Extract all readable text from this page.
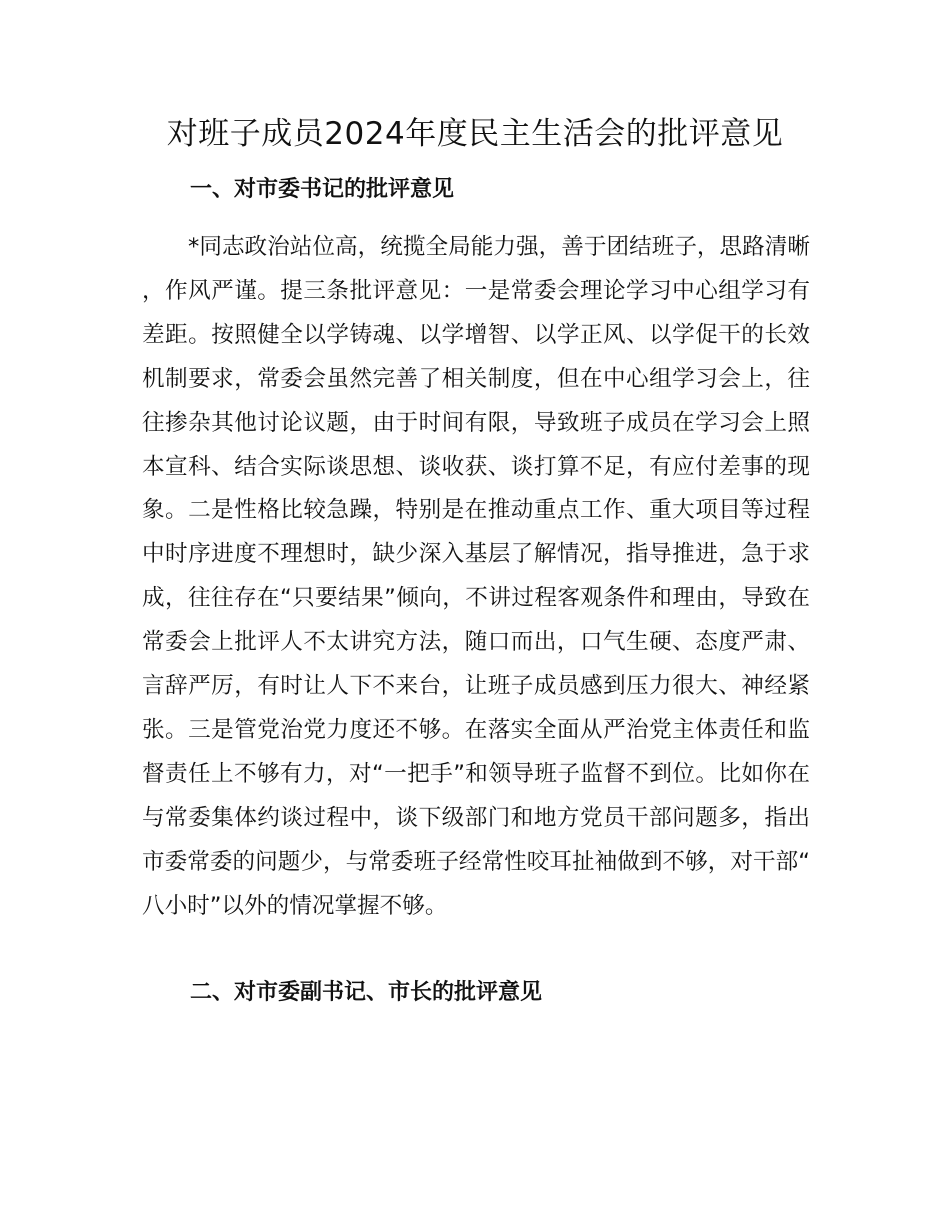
对班子成员2024年度民主生活会的批评意见
一、对市委书记的批评意见

*同志政治站位高，统揽全局能力强，善于团结班子，思路清晰，作风严谨。提三条批评意见：一是常委会理论学习中心组学习有差距。按照健全以学铸魂、以学增智、以学正风、以学促干的长效机制要求，常委会虽然完善了相关制度，但在中心组学习会上，往往掺杂其他讨论议题，由于时间有限，导致班子成员在学习会上照本宣科、结合实际谈思想、谈收获、谈打算不足，有应付差事的现象。二是性格比较急躁，特别是在推动重点工作、重大项目等过程中时序进度不理想时，缺少深入基层了解情况，指导推进，急于求成，往往存在“只要结果”倾向，不讲过程客观条件和理由，导致在常委会上批评人不太讲究方法，随口而出，口气生硬、态度严肃、言辞严厉，有时让人下不来台，让班子成员感到压力很大、神经紧张。三是管党治党力度还不够。在落实全面从严治党主体责任和监督责任上不够有力，对“一把手”和领导班子监督不到位。比如你在与常委集体约谈过程中，谈下级部门和地方党员干部问题多，指出市委常委的问题少，与常委班子经常性咬耳扯袖做到不够，对干部“八小时”以外的情况掌握不够。

二、对市委副书记、市长的批评意见
